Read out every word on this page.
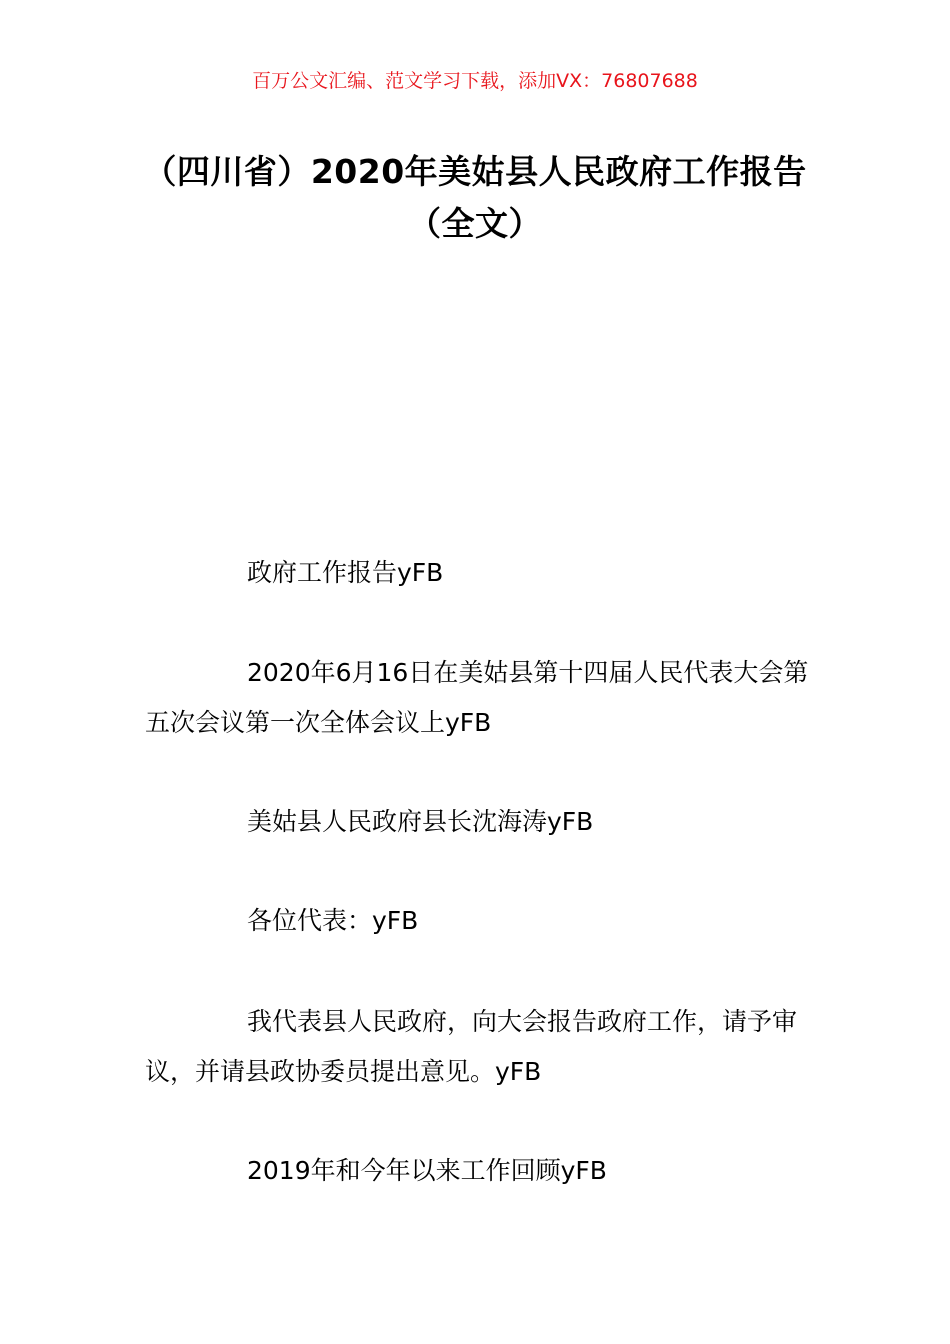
百万公文汇编、范文学习下载，添加VX：76807688
（四川省）2020年美姑县人民政府工作报告（全文）

政府工作报告yFB

2020年6月16日在美姑县第十四届人民代表大会第五次会议第一次全体会议上yFB

美姑县人民政府县长沈海涛yFB

各位代表：yFB

我代表县人民政府，向大会报告政府工作，请予审议，并请县政协委员提出意见。yFB

2019年和今年以来工作回顾yFB
